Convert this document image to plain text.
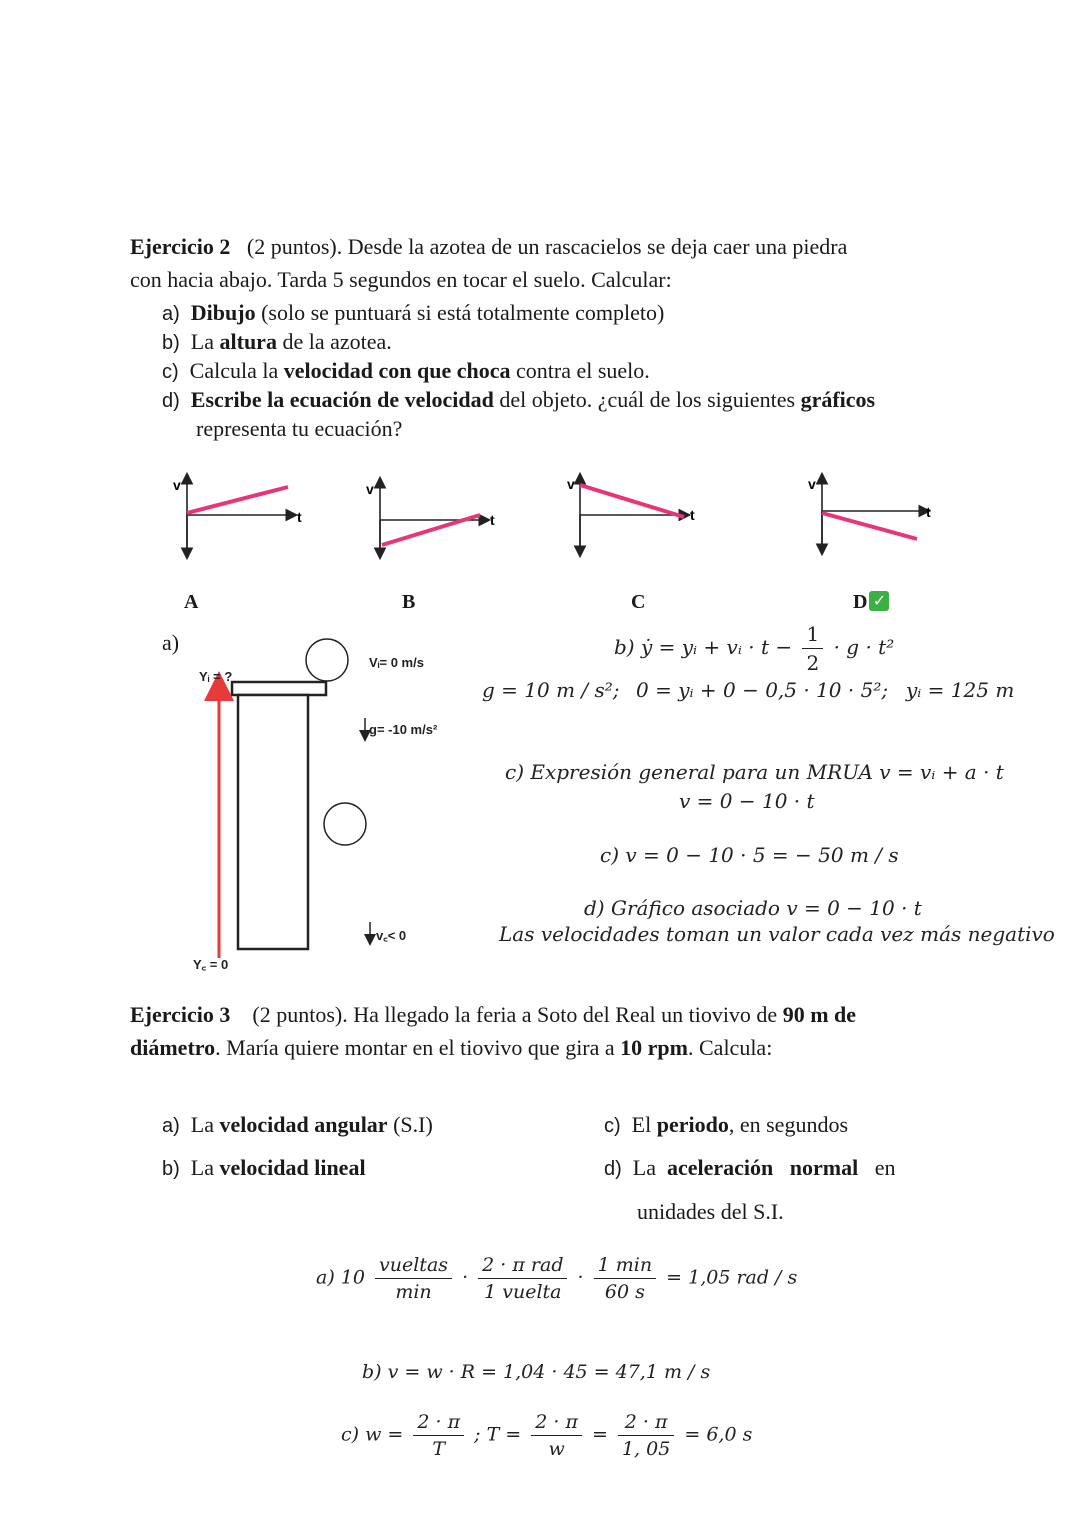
Ejercicio 2 (2 puntos). Desde la azotea de un rascacielos se deja caer una piedra
con hacia abajo. Tarda 5 segundos en tocar el suelo. Calcular:
a) Dibujo (solo se puntuará si está totalmente completo)
b) La altura de la azotea.
c) Calcula la velocidad con que choca contra el suelo.
d) Escribe la ecuación de velocidad del objeto. ¿cuál de los siguientes gráficos
representa tu ecuación?
v
t
v
t
v
t
v
t
A	B	C	D ✓
a)
Yᵢ = ?
Y꜀ = 0
Vᵢ= 0 m/s
g= -10 m/s²
v꜀< 0
b) ẏ = yᵢ + vᵢ · $t - \frac{1}{2} \cdot g \cdot t^2$
g = 10 m / s²; 0 = yᵢ + 0 − 0,5 · 10 · 5²; yᵢ = 125 m
c) Expresión general para un MRUA v = vᵢ + a · t
v = 0 − 10 · t
c) v = 0 − 10 · 5 = − 50 m / s
d) Gráfico asociado v = 0 − 10 · t
Las velocidades toman un valor cada vez más negativo
Ejercicio 3 (2 puntos). Ha llegado la feria a Soto del Real un tiovivo de 90 m de
diámetro. María quiere montar en el tiovivo que gira a 10 rpm. Calcula:
a) La velocidad angular (S.I)
b) La velocidad lineal
c) El periodo, en segundos
d) La  aceleración   normal   en
unidades del S.I.
a) $10 \frac{\text{vueltas}}{\min} \cdot \frac{\text{2 · π rad}}{\text{1 vuelta}} \cdot \frac{1 \min}{60 s} = 1,05$ rad / s
b) v = w · R = 1,04 · 45 = 47,1 m / s
c) $w = \frac{2 \cdot \pi}{T}$ ; $T = \frac{2 \cdot \pi}{w} = \frac{2 \cdot \pi}{1, 05} = 6,0$ s
